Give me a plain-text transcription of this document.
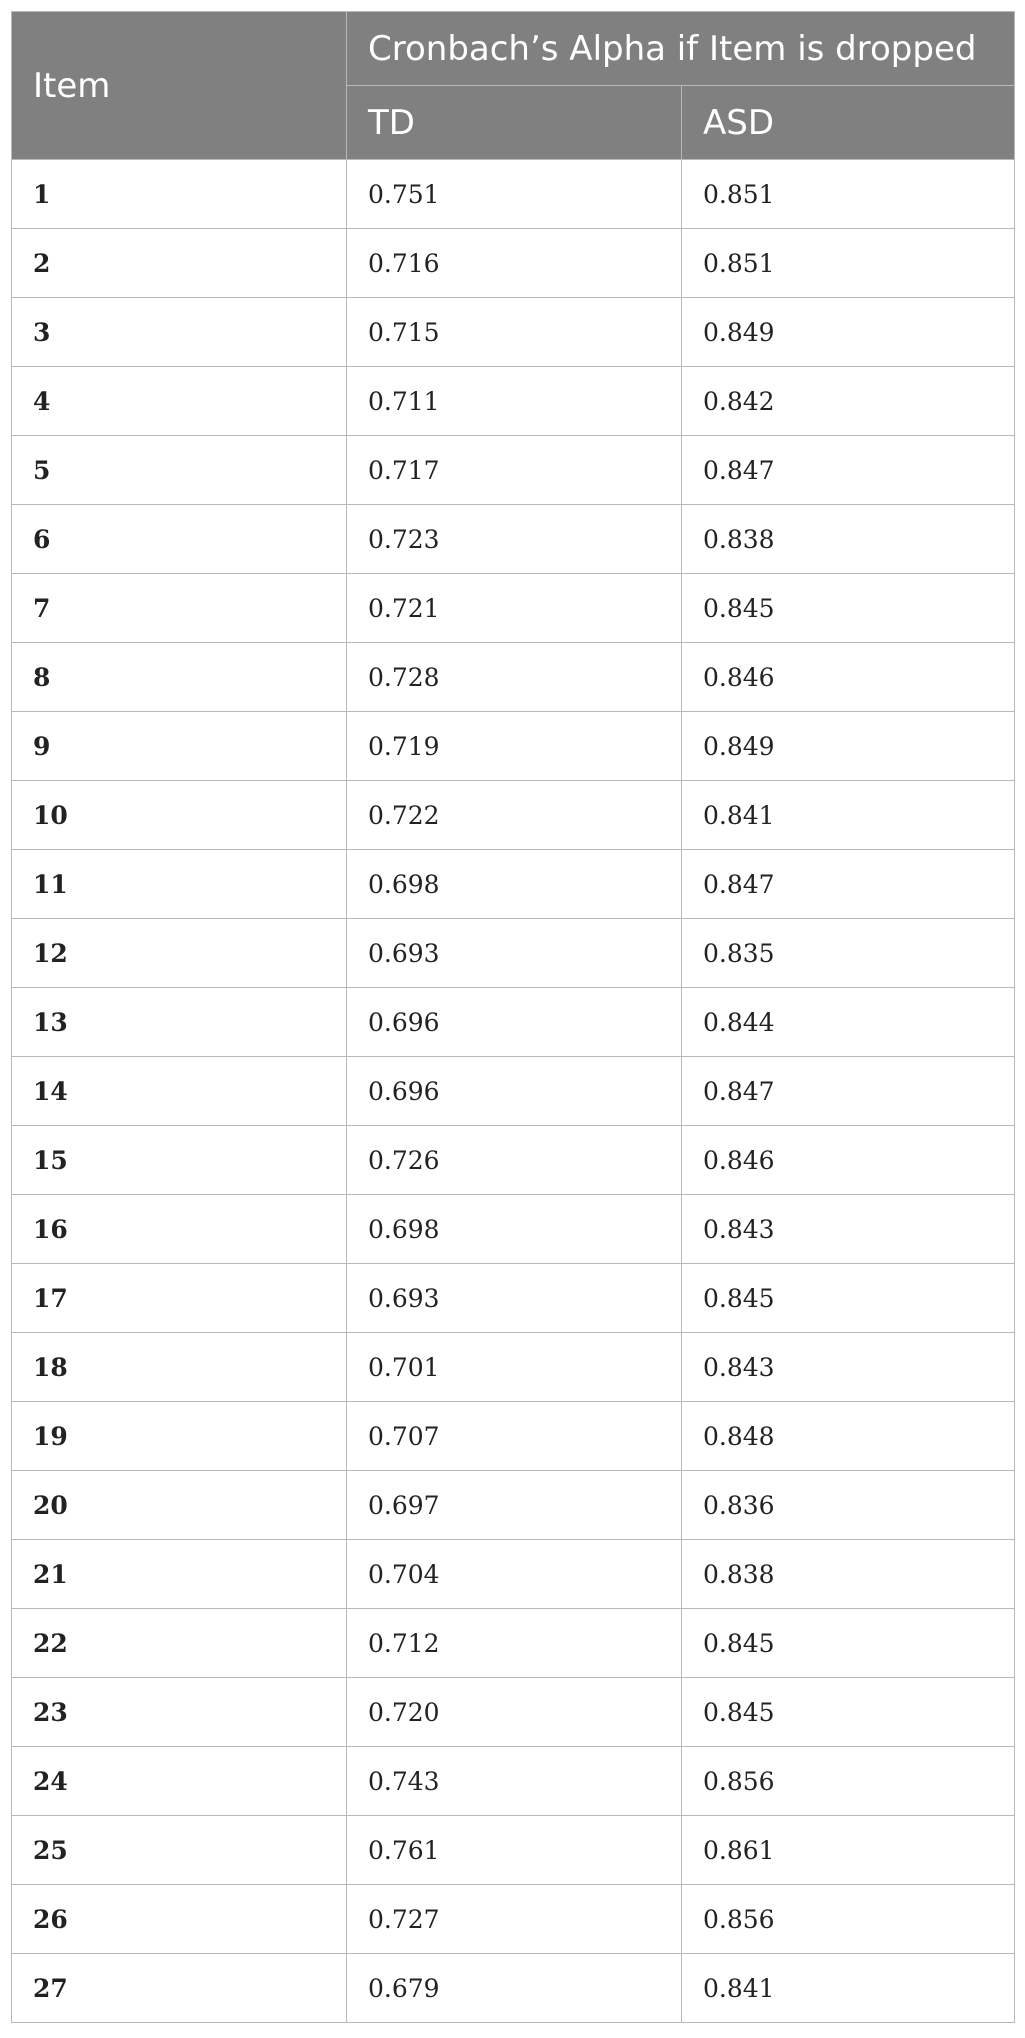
Item	Cronbach’s Alpha if Item is dropped	
	TD	ASD
1	0.751	0.851
2	0.716	0.851
3	0.715	0.849
4	0.711	0.842
5	0.717	0.847
6	0.723	0.838
7	0.721	0.845
8	0.728	0.846
9	0.719	0.849
10	0.722	0.841
11	0.698	0.847
12	0.693	0.835
13	0.696	0.844
14	0.696	0.847
15	0.726	0.846
16	0.698	0.843
17	0.693	0.845
18	0.701	0.843
19	0.707	0.848
20	0.697	0.836
21	0.704	0.838
22	0.712	0.845
23	0.720	0.845
24	0.743	0.856
25	0.761	0.861
26	0.727	0.856
27	0.679	0.841
